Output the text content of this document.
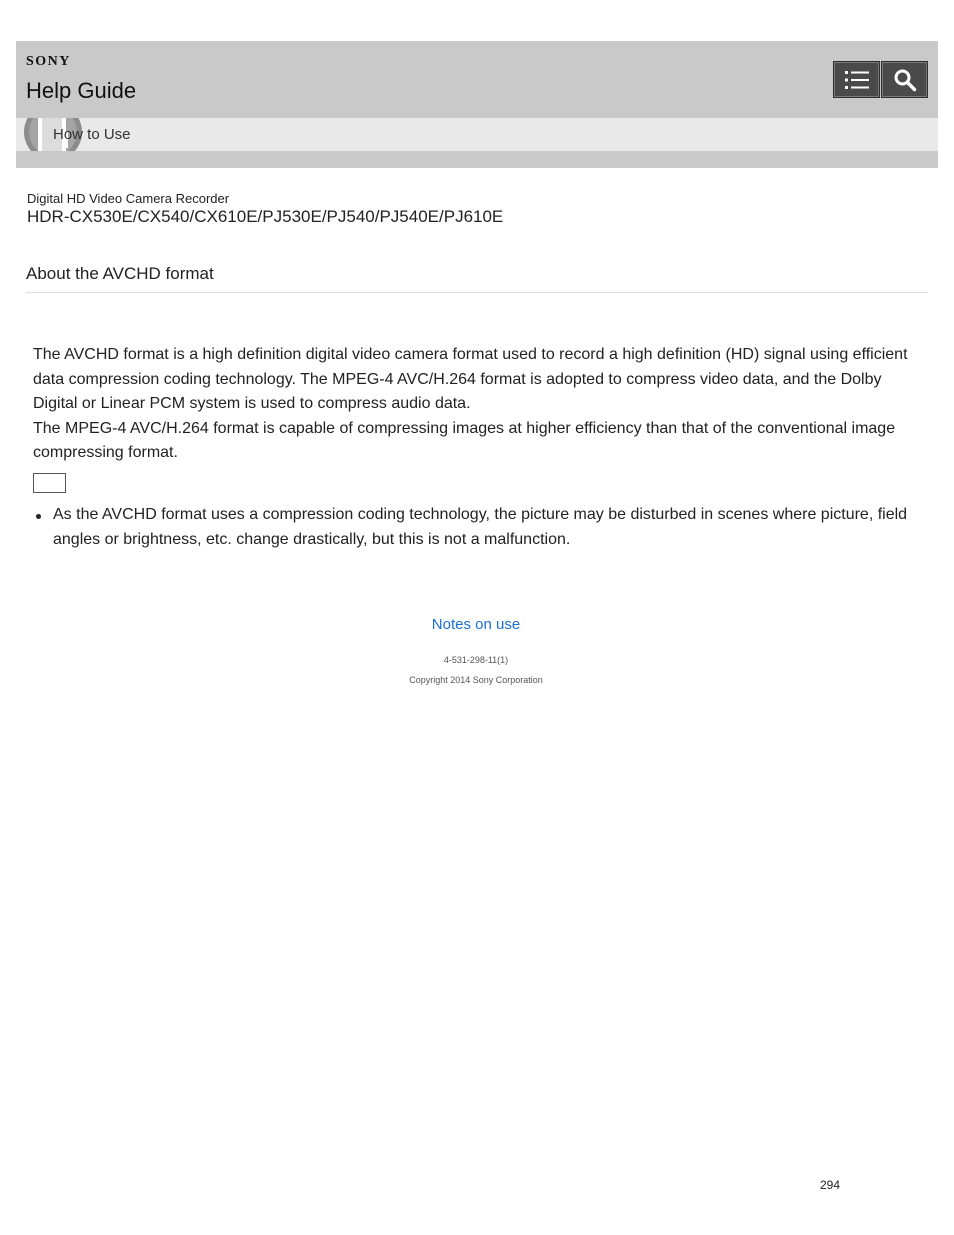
SONY
Help Guide
How to Use
Digital HD Video Camera Recorder
HDR-CX530E/CX540/CX610E/PJ530E/PJ540/PJ540E/PJ610E
About the AVCHD format

The AVCHD format is a high definition digital video camera format used to record a high definition (HD) signal using efficient data compression coding technology. The MPEG-4 AVC/H.264 format is adopted to compress video data, and the Dolby Digital or Linear PCM system is used to compress audio data.

The MPEG-4 AVC/H.264 format is capable of compressing images at higher efficiency than that of the conventional image compressing format.

As the AVCHD format uses a compression coding technology, the picture may be disturbed in scenes where picture, field angles or brightness, etc. change drastically, but this is not a malfunction.
Notes on use
4-531-298-11(1)
Copyright 2014 Sony Corporation
294
